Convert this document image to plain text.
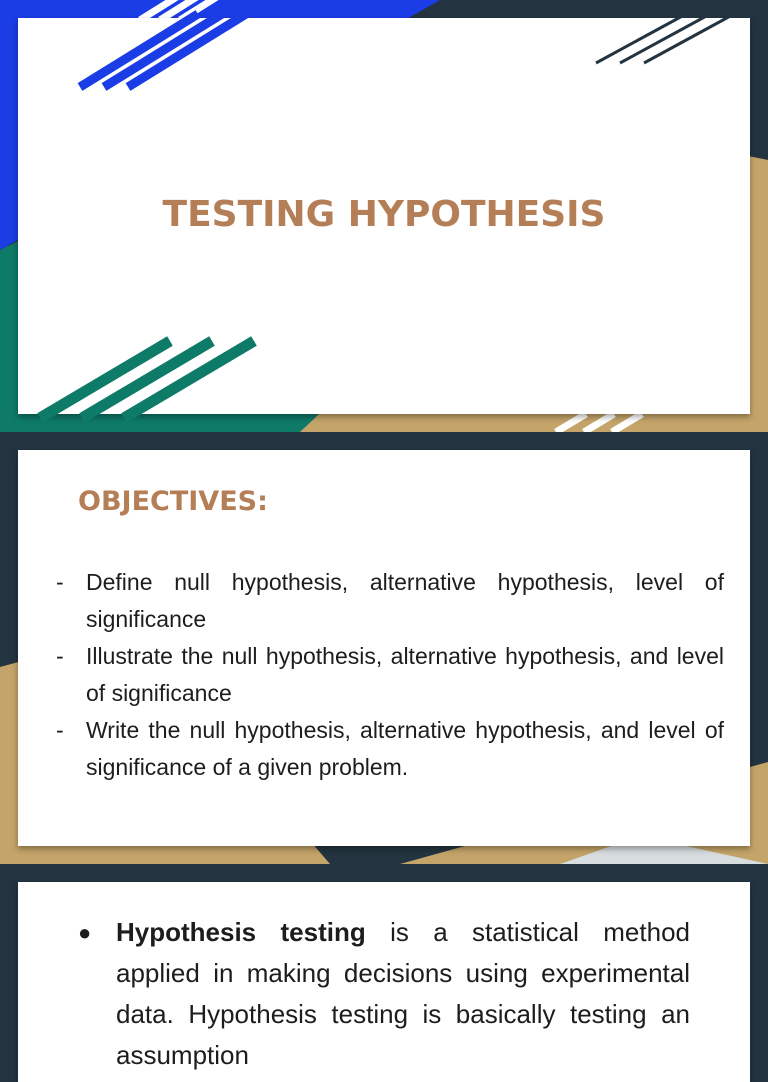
TESTING HYPOTHESIS
OBJECTIVES:
- Define null hypothesis, alternative hypothesis, level of significance
- Illustrate the null hypothesis, alternative hypothesis, and level of significance
- Write the null hypothesis, alternative hypothesis, and level of significance of a given problem.
● Hypothesis testing is a statistical method applied in making decisions using experimental data. Hypothesis testing is basically testing an assumption
